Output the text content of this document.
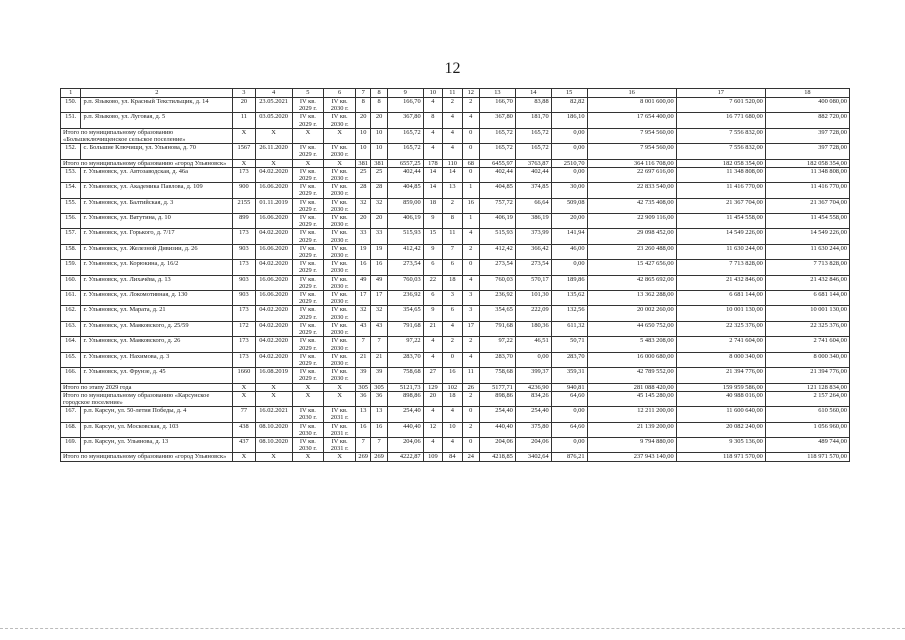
12
1	2	3	4	5	6	7	8	9	10	11	12	13	14	15	16	17	18
150.	р.п. Языково, ул. Красный Текстильщик, д. 14	20	23.05.2021	IV кв. 2029 г.	IV кв. 2030 г.	8	8	166,70	4	2	2	166,70	83,88	82,82	8 001 600,00	7 601 520,00	400 080,00
151.	р.п. Языково, ул. Луговая, д. 5	11	03.05.2020	IV кв. 2029 г.	IV кв. 2030 г.	20	20	367,80	8	4	4	367,80	181,70	186,10	17 654 400,00	16 771 680,00	882 720,00
Итого по муниципальному образованию «Большеключищенское сельское поселение»		X	X	X	X	10	10	165,72	4	4	0	165,72	165,72	0,00	7 954 560,00	7 556 832,00	397 728,00
152.	с. Большие Ключищи, ул. Ульянова, д. 70	1567	26.11.2020	IV кв. 2029 г.	IV кв. 2030 г.	10	10	165,72	4	4	0	165,72	165,72	0,00	7 954 560,00	7 556 832,00	397 728,00
Итого по муниципальному образованию «город Ульяновск»		X	X	X	X	381	381	6557,25	178	110	68	6455,97	3763,87	2510,70	364 116 708,00	182 058 354,00	182 058 354,00
153.	г. Ульяновск, ул. Автозаводская, д. 46а	173	04.02.2020	IV кв. 2029 г.	IV кв. 2030 г.	25	25	402,44	14	14	0	402,44	402,44	0,00	22 697 616,00	11 348 808,00	11 348 808,00
154.	г. Ульяновск, ул. Академика Павлова, д. 109	900	16.06.2020	IV кв. 2029 г.	IV кв. 2030 г.	28	28	404,85	14	13	1	404,85	374,85	30,00	22 833 540,00	11 416 770,00	11 416 770,00
155.	г. Ульяновск, ул. Балтийская, д. 3	2155	01.11.2019	IV кв. 2029 г.	IV кв. 2030 г.	32	32	859,00	18	2	16	757,72	66,64	509,08	42 735 408,00	21 367 704,00	21 367 704,00
156.	г. Ульяновск, ул. Ватутина, д. 10	899	16.06.2020	IV кв. 2029 г.	IV кв. 2030 г.	20	20	406,19	9	8	1	406,19	386,19	20,00	22 909 116,00	11 454 558,00	11 454 558,00
157.	г. Ульяновск, ул. Горького, д. 7/17	173	04.02.2020	IV кв. 2029 г.	IV кв. 2030 г.	33	33	515,93	15	11	4	515,93	373,99	141,94	29 098 452,00	14 549 226,00	14 549 226,00
158.	г. Ульяновск, ул. Железной Дивизии, д. 26	903	16.06.2020	IV кв. 2029 г.	IV кв. 2030 г.	19	19	412,42	9	7	2	412,42	366,42	46,00	23 260 488,00	11 630 244,00	11 630 244,00
159.	г. Ульяновск, ул. Корюкина, д. 16/2	173	04.02.2020	IV кв. 2029 г.	IV кв. 2030 г.	16	16	273,54	6	6	0	273,54	273,54	0,00	15 427 656,00	7 713 828,00	7 713 828,00
160.	г. Ульяновск, ул. Лихачёва, д. 13	903	16.06.2020	IV кв. 2029 г.	IV кв. 2030 г.	49	49	760,03	22	18	4	760,03	570,17	189,86	42 865 692,00	21 432 846,00	21 432 846,00
161.	г. Ульяновск, ул. Локомотивная, д. 130	903	16.06.2020	IV кв. 2029 г.	IV кв. 2030 г.	17	17	236,92	6	3	3	236,92	101,30	135,62	13 362 288,00	6 681 144,00	6 681 144,00
162.	г. Ульяновск, ул. Марата, д. 21	173	04.02.2020	IV кв. 2029 г.	IV кв. 2030 г.	32	32	354,65	9	6	3	354,65	222,09	132,56	20 002 260,00	10 001 130,00	10 001 130,00
163.	г. Ульяновск, ул. Маяковского, д. 25/59	172	04.02.2020	IV кв. 2029 г.	IV кв. 2030 г.	43	43	791,68	21	4	17	791,68	180,36	611,32	44 650 752,00	22 325 376,00	22 325 376,00
164.	г. Ульяновск, ул. Маяковского, д. 26	173	04.02.2020	IV кв. 2029 г.	IV кв. 2030 г.	7	7	97,22	4	2	2	97,22	46,51	50,71	5 483 208,00	2 741 604,00	2 741 604,00
165.	г. Ульяновск, ул. Нахимова, д. 3	173	04.02.2020	IV кв. 2029 г.	IV кв. 2030 г.	21	21	283,70	4	0	4	283,70	0,00	283,70	16 000 680,00	8 000 340,00	8 000 340,00
166.	г. Ульяновск, ул. Фрунзе, д. 45	1660	16.08.2019	IV кв. 2029 г.	IV кв. 2030 г.	39	39	758,68	27	16	11	758,68	399,37	359,31	42 789 552,00	21 394 776,00	21 394 776,00
Итого по этапу 2029 года		X	X	X	X	305	305	5121,73	129	102	26	5177,71	4236,90	940,81	281 088 420,00	159 959 586,00	121 128 834,00
Итого по муниципальному образованию «Карсунское городское поселение»		X	X	X	X	36	36	898,86	20	18	2	898,86	834,26	64,60	45 145 280,00	40 988 016,00	2 157 264,00
167.	р.п. Карсун, ул. 50-летия Победы, д. 4	77	16.02.2021	IV кв. 2030 г.	IV кв. 2031 г.	13	13	254,40	4	4	0	254,40	254,40	0,00	12 211 200,00	11 600 640,00	610 560,00
168.	р.п. Карсун, ул. Московская, д. 103	438	08.10.2020	IV кв. 2030 г.	IV кв. 2031 г.	16	16	440,40	12	10	2	440,40	375,80	64,60	21 139 200,00	20 082 240,00	1 056 960,00
169.	р.п. Карсун, ул. Ульянова, д. 13	437	08.10.2020	IV кв. 2030 г.	IV кв. 2031 г.	7	7	204,06	4	4	0	204,06	204,06	0,00	9 794 880,00	9 305 136,00	489 744,00
Итого по муниципальному образованию «город Ульяновск»		X	X	X	X	269	269	4222,87	109	84	24	4218,85	3402,64	876,21	237 943 140,00	118 971 570,00	118 971 570,00
